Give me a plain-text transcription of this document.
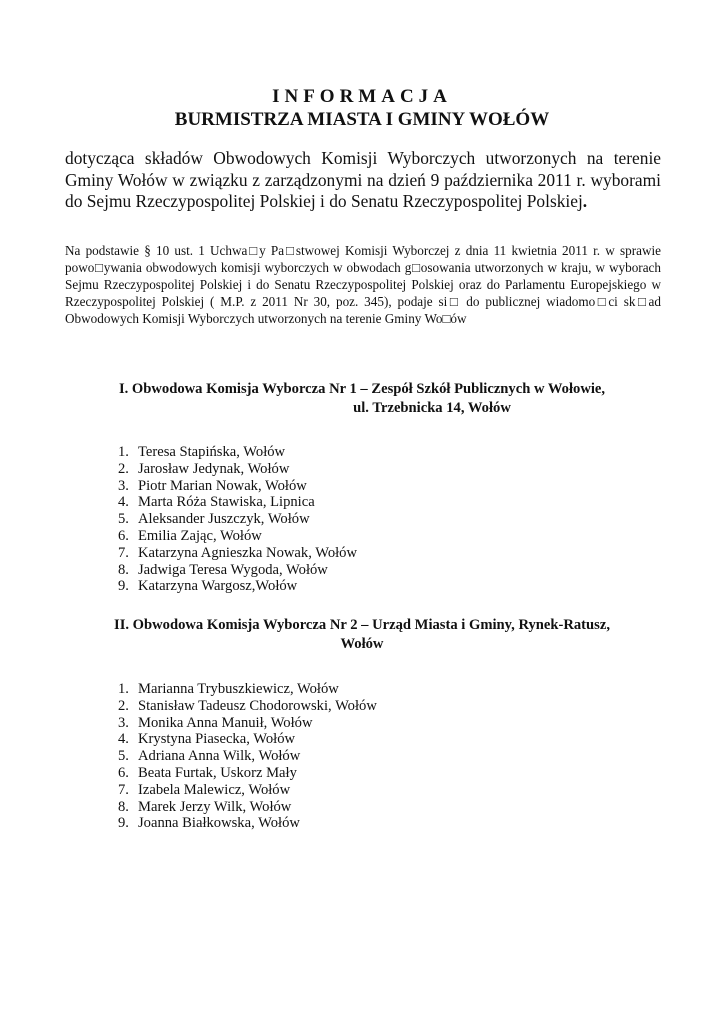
INFORMACJA
BURMISTRZA MIASTA I GMINY WOŁÓW

dotycząca składów Obwodowych Komisji Wyborczych utworzonych na terenie Gminy Wołów w związku z zarządzonymi na dzień 9 października 2011 r. wyborami do Sejmu Rzeczypospolitej Polskiej i do Senatu Rzeczypospolitej Polskiej.

Na podstawie § 10 ust. 1 Uchwa□y Pa□stwowej Komisji Wyborczej z dnia 11 kwietnia 2011 r. w sprawie powo□ywania obwodowych komisji wyborczych w obwodach g□osowania utworzonych w kraju, w wyborach Sejmu Rzeczypospolitej Polskiej i do Senatu Rzeczypospolitej Polskiej oraz do Parlamentu Europejskiego w Rzeczypospolitej Polskiej ( M.P. z 2011 Nr 30, poz. 345), podaje si□ do publicznej wiadomo□ci sk□ad Obwodowych Komisji Wyborczych utworzonych na terenie Gminy Wo□ów

I. Obwodowa Komisja Wyborcza Nr 1 – Zespół Szkół Publicznych w Wołowie,
ul. Trzebnicka 14, Wołów
1. Teresa Stapińska, Wołów
2. Jarosław Jedynak, Wołów
3. Piotr Marian Nowak, Wołów
4. Marta Róża Stawiska, Lipnica
5. Aleksander Juszczyk, Wołów
6. Emilia Zając, Wołów
7. Katarzyna Agnieszka Nowak, Wołów
8. Jadwiga Teresa Wygoda, Wołów
9. Katarzyna Wargosz,Wołów
II. Obwodowa Komisja Wyborcza Nr 2 – Urząd Miasta i Gminy, Rynek-Ratusz,
Wołów
1. Marianna Trybuszkiewicz, Wołów
2. Stanisław Tadeusz Chodorowski, Wołów
3. Monika Anna Manuił, Wołów
4. Krystyna Piasecka, Wołów
5. Adriana Anna Wilk, Wołów
6. Beata Furtak, Uskorz Mały
7. Izabela Malewicz, Wołów
8. Marek Jerzy Wilk, Wołów
9. Joanna Białkowska, Wołów
